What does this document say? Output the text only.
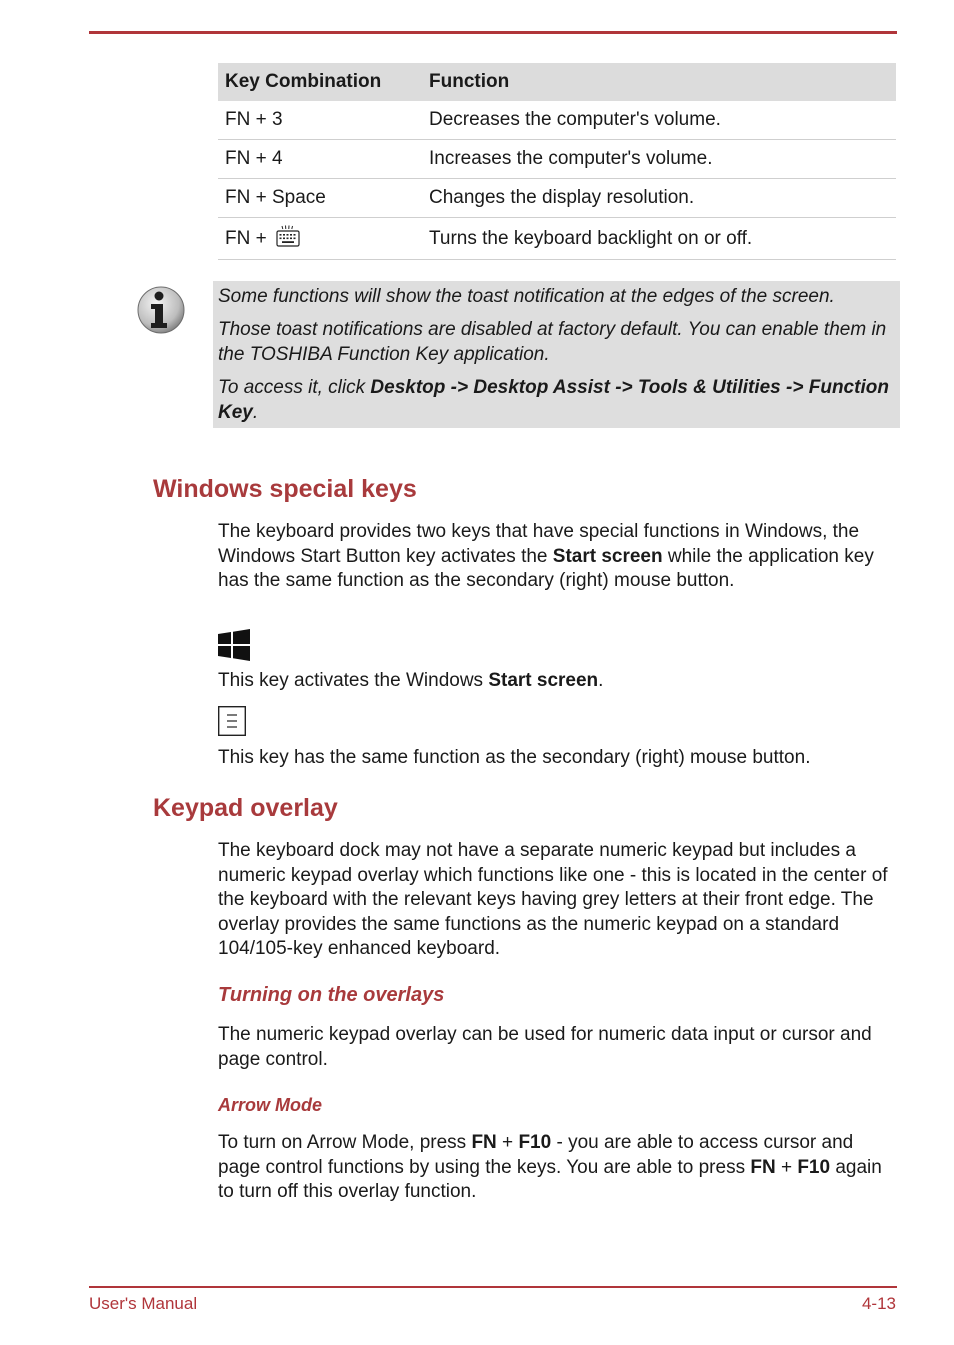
Key Combination	Function
FN + 3	Decreases the computer's volume.
FN + 4	Increases the computer's volume.
FN + Space	Changes the display resolution.
FN +	Turns the keyboard backlight on or off.

Some functions will show the toast notification at the edges of the screen.

Those toast notifications are disabled at factory default. You can enable them in the TOSHIBA Function Key application.

To access it, click Desktop -> Desktop Assist -> Tools & Utilities -> Function Key.

Windows special keys

The keyboard provides two keys that have special functions in Windows, the Windows Start Button key activates the Start screen while the application key has the same function as the secondary (right) mouse button.

This key activates the Windows Start screen.

This key has the same function as the secondary (right) mouse button.

Keypad overlay

The keyboard dock may not have a separate numeric keypad but includes a numeric keypad overlay which functions like one - this is located in the center of the keyboard with the relevant keys having grey letters at their front edge. The overlay provides the same functions as the numeric keypad on a standard 104/105-key enhanced keyboard.

Turning on the overlays

The numeric keypad overlay can be used for numeric data input or cursor and page control.

Arrow Mode

To turn on Arrow Mode, press FN + F10 - you are able to access cursor and page control functions by using the keys. You are able to press FN + F10 again to turn off this overlay function.

User's Manual	4-13
